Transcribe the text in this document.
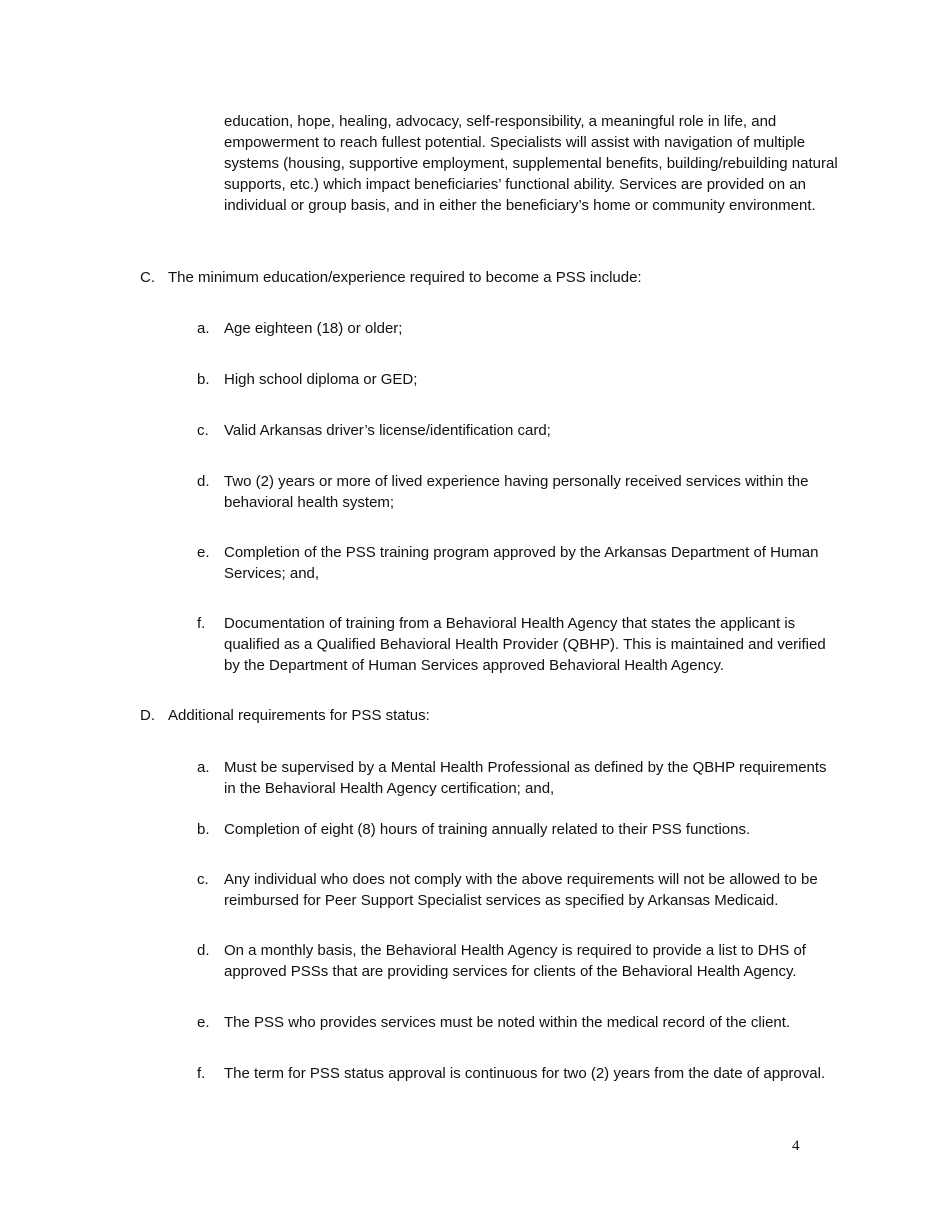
education, hope, healing, advocacy, self-responsibility, a meaningful role in life, and empowerment to reach fullest potential. Specialists will assist with navigation of multiple systems (housing, supportive employment, supplemental benefits, building/rebuilding natural supports, etc.) which impact beneficiaries’ functional ability. Services are provided on an individual or group basis, and in either the beneficiary’s home or community environment.

C. The minimum education/experience required to become a PSS include:
a. Age eighteen (18) or older;
b. High school diploma or GED;
c.	Valid Arkansas driver’s license/identification card;
d. Two (2) years or more of lived experience having personally received services within the behavioral health system;
e. Completion of the PSS training program approved by the Arkansas Department of Human Services; and,
f.	Documentation of training from a Behavioral Health Agency that states the applicant is qualified as a Qualified Behavioral Health Provider (QBHP). This is maintained and verified by the Department of Human Services approved Behavioral Health Agency.
D. Additional requirements for PSS status:
a. Must be supervised by a Mental Health Professional as defined by the QBHP requirements in the Behavioral Health Agency certification; and,
b. Completion of eight (8) hours of training annually related to their PSS functions.
c.	Any individual who does not comply with the above requirements will not be allowed to be reimbursed for Peer Support Specialist services as specified by Arkansas Medicaid.
d. On a monthly basis, the Behavioral Health Agency is required to provide a list to DHS of approved PSSs that are providing services for clients of the Behavioral Health Agency.
e. The PSS who provides services must be noted within the medical record of the client.
f.	The term for PSS status approval is continuous for two (2) years from the date of approval.
4
